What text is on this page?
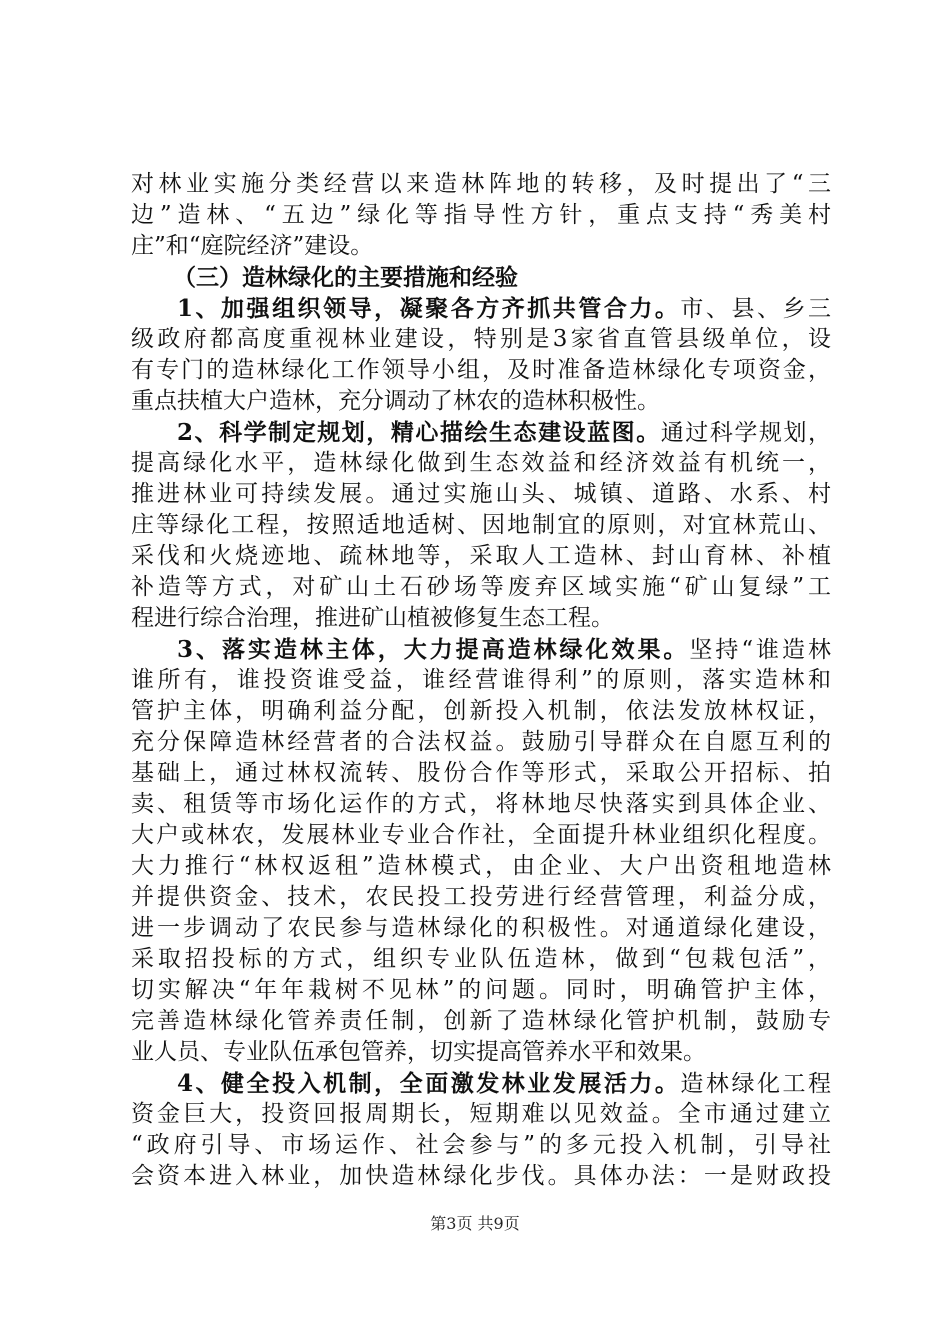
对林业实施分类经营以来造林阵地的转移，及时提出了“三
边”造林、“五边”绿化等指导性方针，重点支持“秀美村
庄”和“庭院经济”建设。
（三）造林绿化的主要措施和经验
1、加强组织领导，凝聚各方齐抓共管合力。市、县、乡三
级政府都高度重视林业建设，特别是3家省直管县级单位，设
有专门的造林绿化工作领导小组，及时准备造林绿化专项资金，
重点扶植大户造林，充分调动了林农的造林积极性。
2、科学制定规划，精心描绘生态建设蓝图。通过科学规划，
提高绿化水平，造林绿化做到生态效益和经济效益有机统一，
推进林业可持续发展。通过实施山头、城镇、道路、水系、村
庄等绿化工程，按照适地适树、因地制宜的原则，对宜林荒山、
采伐和火烧迹地、疏林地等，采取人工造林、封山育林、补植
补造等方式，对矿山土石砂场等废弃区域实施“矿山复绿”工
程进行综合治理，推进矿山植被修复生态工程。
3、落实造林主体，大力提高造林绿化效果。坚持“谁造林
谁所有，谁投资谁受益，谁经营谁得利”的原则，落实造林和
管护主体，明确利益分配，创新投入机制，依法发放林权证，
充分保障造林经营者的合法权益。鼓励引导群众在自愿互利的
基础上，通过林权流转、股份合作等形式，采取公开招标、拍
卖、租赁等市场化运作的方式，将林地尽快落实到具体企业、
大户或林农，发展林业专业合作社，全面提升林业组织化程度。
大力推行“林权返租”造林模式，由企业、大户出资租地造林
并提供资金、技术，农民投工投劳进行经营管理，利益分成，
进一步调动了农民参与造林绿化的积极性。对通道绿化建设，
采取招投标的方式，组织专业队伍造林，做到“包栽包活”，
切实解决“年年栽树不见林”的问题。同时，明确管护主体，
完善造林绿化管养责任制，创新了造林绿化管护机制，鼓励专
业人员、专业队伍承包管养，切实提高管养水平和效果。
4、健全投入机制，全面激发林业发展活力。造林绿化工程
资金巨大，投资回报周期长，短期难以见效益。全市通过建立
“政府引导、市场运作、社会参与”的多元投入机制，引导社
会资本进入林业，加快造林绿化步伐。具体办法：一是财政投
第3页 共9页
